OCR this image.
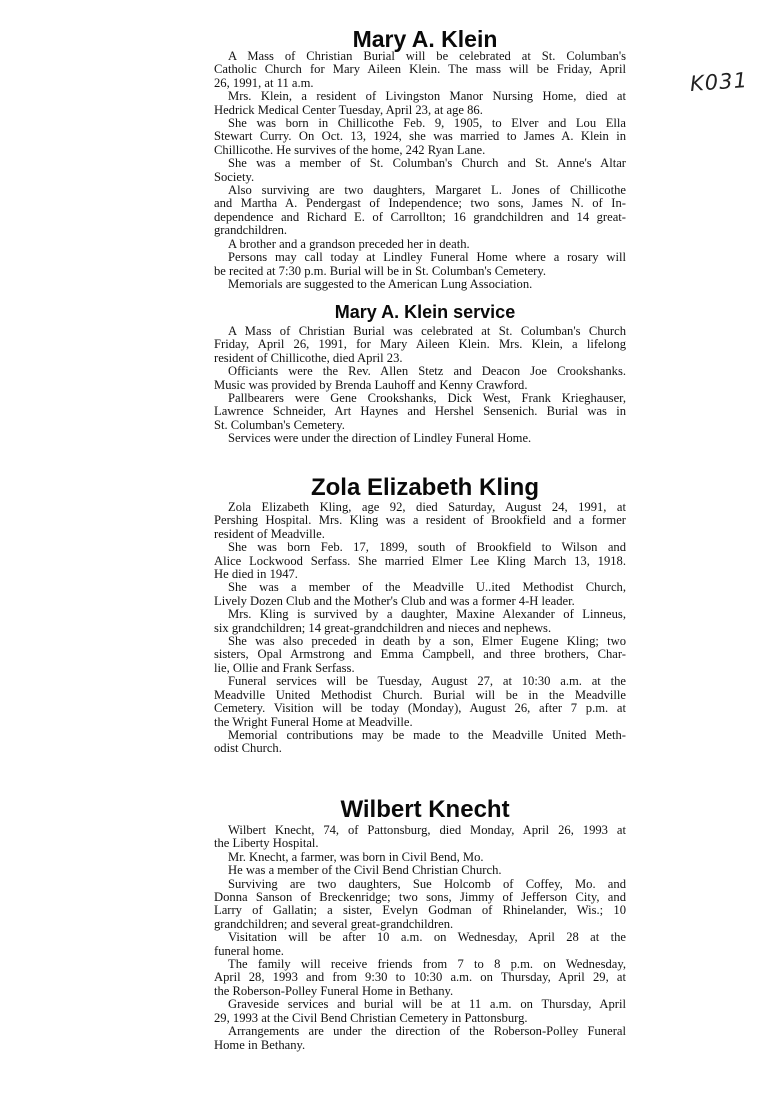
K031
Mary A. Klein

A Mass of Christian Burial will be celebrated at St. Columban's
Catholic Church for Mary Aileen Klein. The mass will be Friday, April
26, 1991, at 11 a.m.

Mrs. Klein, a resident of Livingston Manor Nursing Home, died at
Hedrick Medical Center Tuesday, April 23, at age 86.

She was born in Chillicothe Feb. 9, 1905, to Elver and Lou Ella
Stewart Curry. On Oct. 13, 1924, she was married to James A. Klein in
Chillicothe. He survives of the home, 242 Ryan Lane.

She was a member of St. Columban's Church and St. Anne's Altar
Society.

Also surviving are two daughters, Margaret L. Jones of Chillicothe
and Martha A. Pendergast of Independence; two sons, James N. of In-
dependence and Richard E. of Carrollton; 16 grandchildren and 14 great-
grandchildren.

A brother and a grandson preceded her in death.

Persons may call today at Lindley Funeral Home where a rosary will
be recited at 7:30 p.m. Burial will be in St. Columban's Cemetery.

Memorials are suggested to the American Lung Association.

Mary A. Klein service

A Mass of Christian Burial was celebrated at St. Columban's Church
Friday, April 26, 1991, for Mary Aileen Klein. Mrs. Klein, a lifelong
resident of Chillicothe, died April 23.

Officiants were the Rev. Allen Stetz and Deacon Joe Crookshanks.
Music was provided by Brenda Lauhoff and Kenny Crawford.

Pallbearers were Gene Crookshanks, Dick West, Frank Krieghauser,
Lawrence Schneider, Art Haynes and Hershel Sensenich. Burial was in
St. Columban's Cemetery.

Services were under the direction of Lindley Funeral Home.

Zola Elizabeth Kling

Zola Elizabeth Kling, age 92, died Saturday, August 24, 1991, at
Pershing Hospital. Mrs. Kling was a resident of Brookfield and a former
resident of Meadville.

She was born Feb. 17, 1899, south of Brookfield to Wilson and
Alice Lockwood Serfass. She married Elmer Lee Kling March 13, 1918.
He died in 1947.

She was a member of the Meadville U..ited Methodist Church,
Lively Dozen Club and the Mother's Club and was a former 4-H leader.

Mrs. Kling is survived by a daughter, Maxine Alexander of Linneus,
six grandchildren; 14 great-grandchildren and nieces and nephews.

She was also preceded in death by a son, Elmer Eugene Kling; two
sisters, Opal Armstrong and Emma Campbell, and three brothers, Char-
lie, Ollie and Frank Serfass.

Funeral services will be Tuesday, August 27, at 10:30 a.m. at the
Meadville United Methodist Church. Burial will be in the Meadville
Cemetery. Visition will be today (Monday), August 26, after 7 p.m. at
the Wright Funeral Home at Meadville.

Memorial contributions may be made to the Meadville United Meth-
odist Church.

Wilbert Knecht

Wilbert Knecht, 74, of Pattonsburg, died Monday, April 26, 1993 at
the Liberty Hospital.

Mr. Knecht, a farmer, was born in Civil Bend, Mo.

He was a member of the Civil Bend Christian Church.

Surviving are two daughters, Sue Holcomb of Coffey, Mo. and
Donna Sanson of Breckenridge; two sons, Jimmy of Jefferson City, and
Larry of Gallatin; a sister, Evelyn Godman of Rhinelander, Wis.; 10
grandchildren; and several great-grandchildren.

Visitation will be after 10 a.m. on Wednesday, April 28 at the
funeral home.

The family will receive friends from 7 to 8 p.m. on Wednesday,
April 28, 1993 and from 9:30 to 10:30 a.m. on Thursday, April 29, at
the Roberson-Polley Funeral Home in Bethany.

Graveside services and burial will be at 11 a.m. on Thursday, April
29, 1993 at the Civil Bend Christian Cemetery in Pattonsburg.

Arrangements are under the direction of the Roberson-Polley Funeral
Home in Bethany.
